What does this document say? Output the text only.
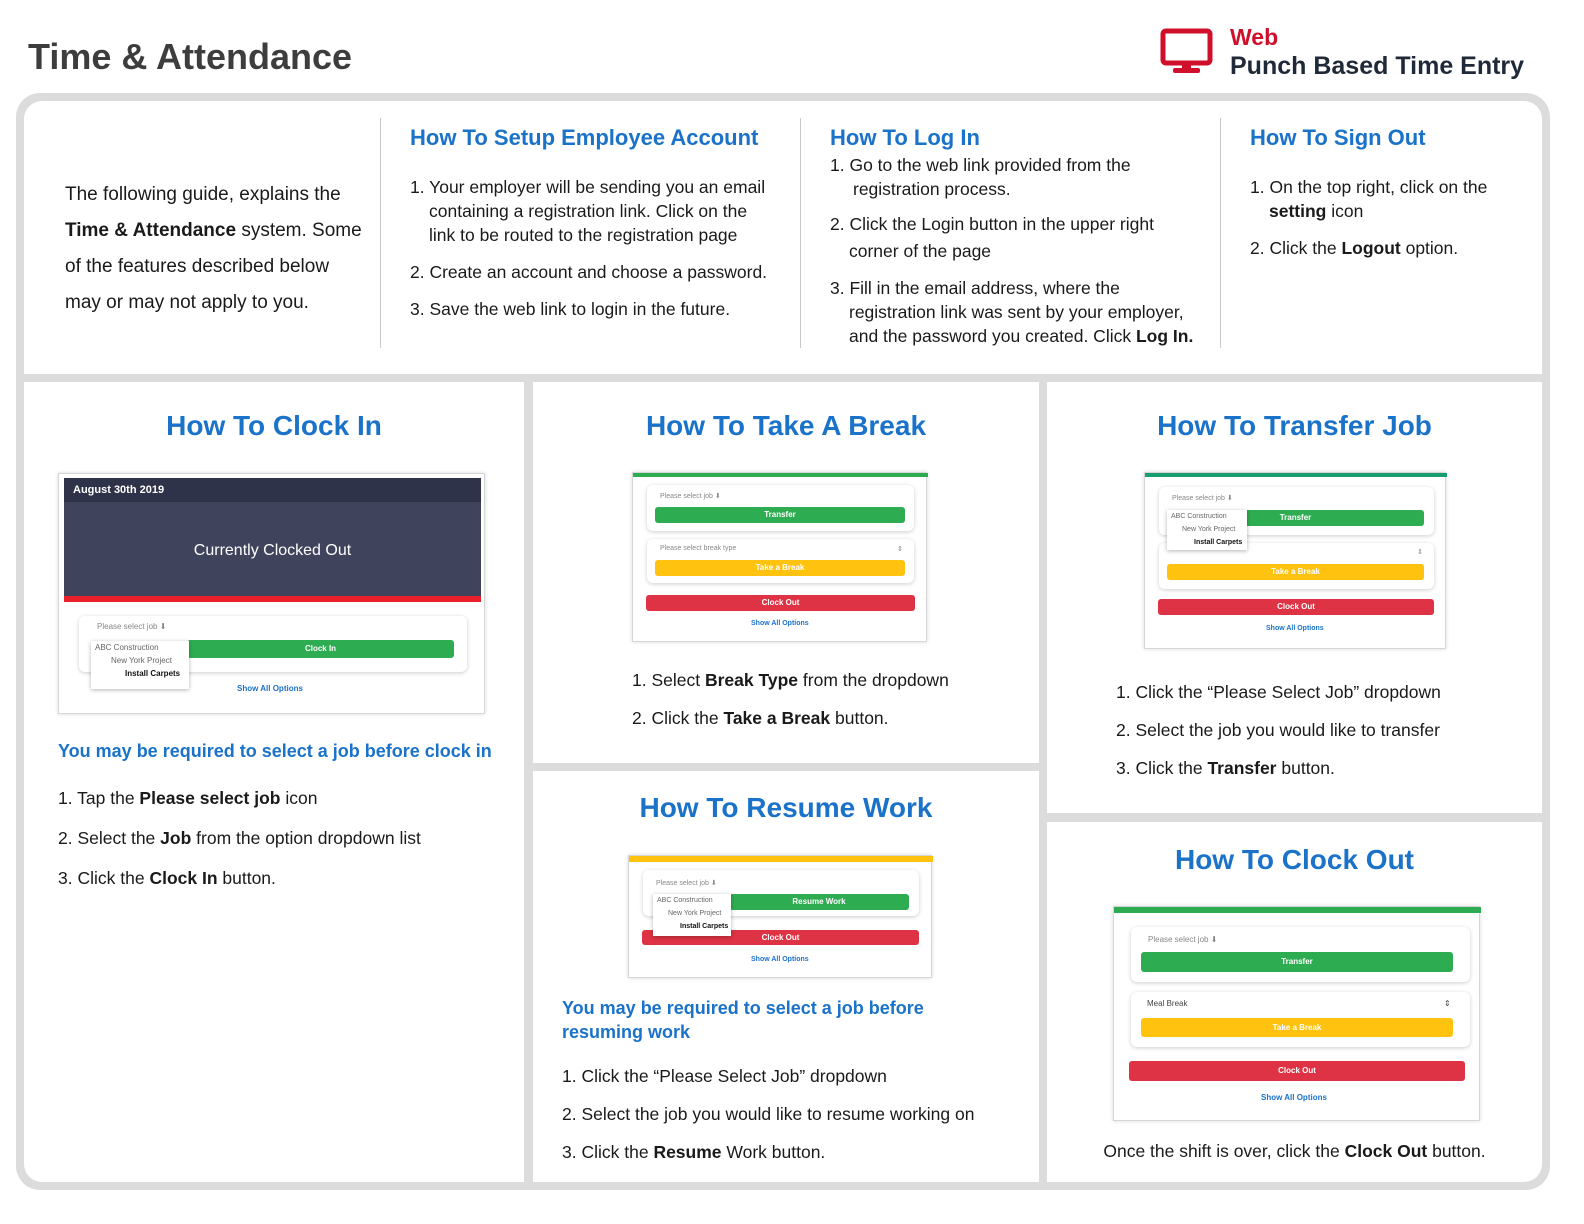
Time & Attendance	Web
Punch Based Time Entry
The following guide, explains the
Time & Attendance system. Some
of the features described below
may or may not apply to you.
How To Setup Employee Account
1. Your employer will be sending you an email
containing a registration link. Click on the
link to be routed to the registration page
2. Create an account and choose a password.
3. Save the web link to login in the future.
How To Log In
1. Go to the web link provided from the
registration process.
2. Click the Login button in the upper right
corner of the page
3. Fill in the email address, where the
registration link was sent by your employer,
and the password you created. Click Log In.
How To Sign Out
1. On the top right, click on the
setting icon
2. Click the Logout option.
How To Clock In
August 30th 2019
Currently Clocked Out
Please select job ⬇
Clock In
ABC Construction
New York Project
Install Carpets
Show All Options
You may be required to select a job before clock in
1. Tap the Please select job icon
2. Select the Job from the option dropdown list
3. Click the Clock In button.
How To Take A Break
Please select job ⬇
Transfer
Please select break type	⇕
Take a Break
Clock Out
Show All Options
1. Select Break Type from the dropdown
2. Click the Take a Break button.
How To Resume Work
Please select job ⬇
Resume Work
Clock Out
ABC Construction
New York Project
Install Carpets
Show All Options
You may be required to select a job before
resuming work
1. Click the “Please Select Job” dropdown
2. Select the job you would like to resume working on
3. Click the Resume Work button.
How To Transfer Job
Please select job ⬇
Transfer
⇕
Take a Break
Clock Out
ABC Construction
New York Project
Install Carpets
Show All Options
1. Click the “Please Select Job” dropdown
2. Select the job you would like to transfer
3. Click the Transfer button.
How To Clock Out
Please select job ⬇
Transfer
Meal Break	⇕
Take a Break
Clock Out
Show All Options
Once the shift is over, click the Clock Out button.
